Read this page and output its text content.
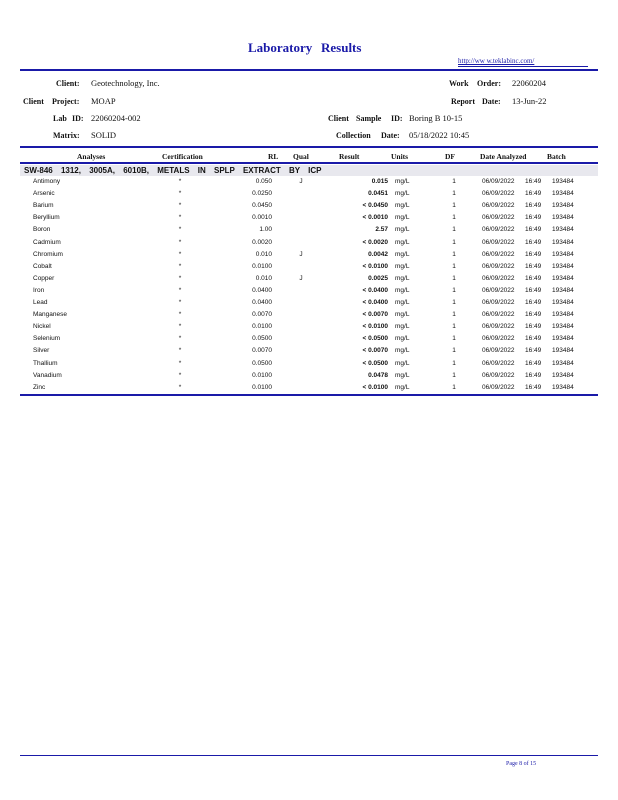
Laboratory Results
http://ww w.teklabinc.com/
Client: Geotechnology, Inc.	Work Order: 22060204
Client Project: MOAP	Report Date: 13-Jun-22
Lab ID: 22060204-002	Client Sample ID: Boring B 10-15
Matrix: SOLID	Collection Date: 05/18/2022 10:45
Analyses	Certification	RL Qual	Result	Units	DF	Date Analyzed	Batch
SW-846 1312, 3005A, 6010B, METALS IN SPLP EXTRACT BY ICP
Antimony	*	0.050	J	0.015 mg/L	1	06/09/2022 16:49 193484
Arsenic	*	0.0250	0.0451 mg/L	1	06/09/2022 16:49 193484
Barium	*	0.0450	< 0.0450 mg/L	1	06/09/2022 16:49 193484
Beryllium	*	0.0010	< 0.0010 mg/L	1	06/09/2022 16:49 193484
Boron	*	1.00	2.57 mg/L	1	06/09/2022 16:49 193484
Cadmium	*	0.0020	< 0.0020 mg/L	1	06/09/2022 16:49 193484
Chromium	*	0.010	J	0.0042 mg/L	1	06/09/2022 16:49 193484
Cobalt	*	0.0100	< 0.0100 mg/L	1	06/09/2022 16:49 193484
Copper	*	0.010	J	0.0025 mg/L	1	06/09/2022 16:49 193484
Iron	*	0.0400	< 0.0400 mg/L	1	06/09/2022 16:49 193484
Lead	*	0.0400	< 0.0400 mg/L	1	06/09/2022 16:49 193484
Manganese	*	0.0070	< 0.0070 mg/L	1	06/09/2022 16:49 193484
Nickel	*	0.0100	< 0.0100 mg/L	1	06/09/2022 16:49 193484
Selenium	*	0.0500	< 0.0500 mg/L	1	06/09/2022 16:49 193484
Silver	*	0.0070	< 0.0070 mg/L	1	06/09/2022 16:49 193484
Thallium	*	0.0500	< 0.0500 mg/L	1	06/09/2022 16:49 193484
Vanadium	*	0.0100	0.0478 mg/L	1	06/09/2022 16:49 193484
Zinc	*	0.0100	< 0.0100 mg/L	1	06/09/2022 16:49 193484
Page 8 of 15
